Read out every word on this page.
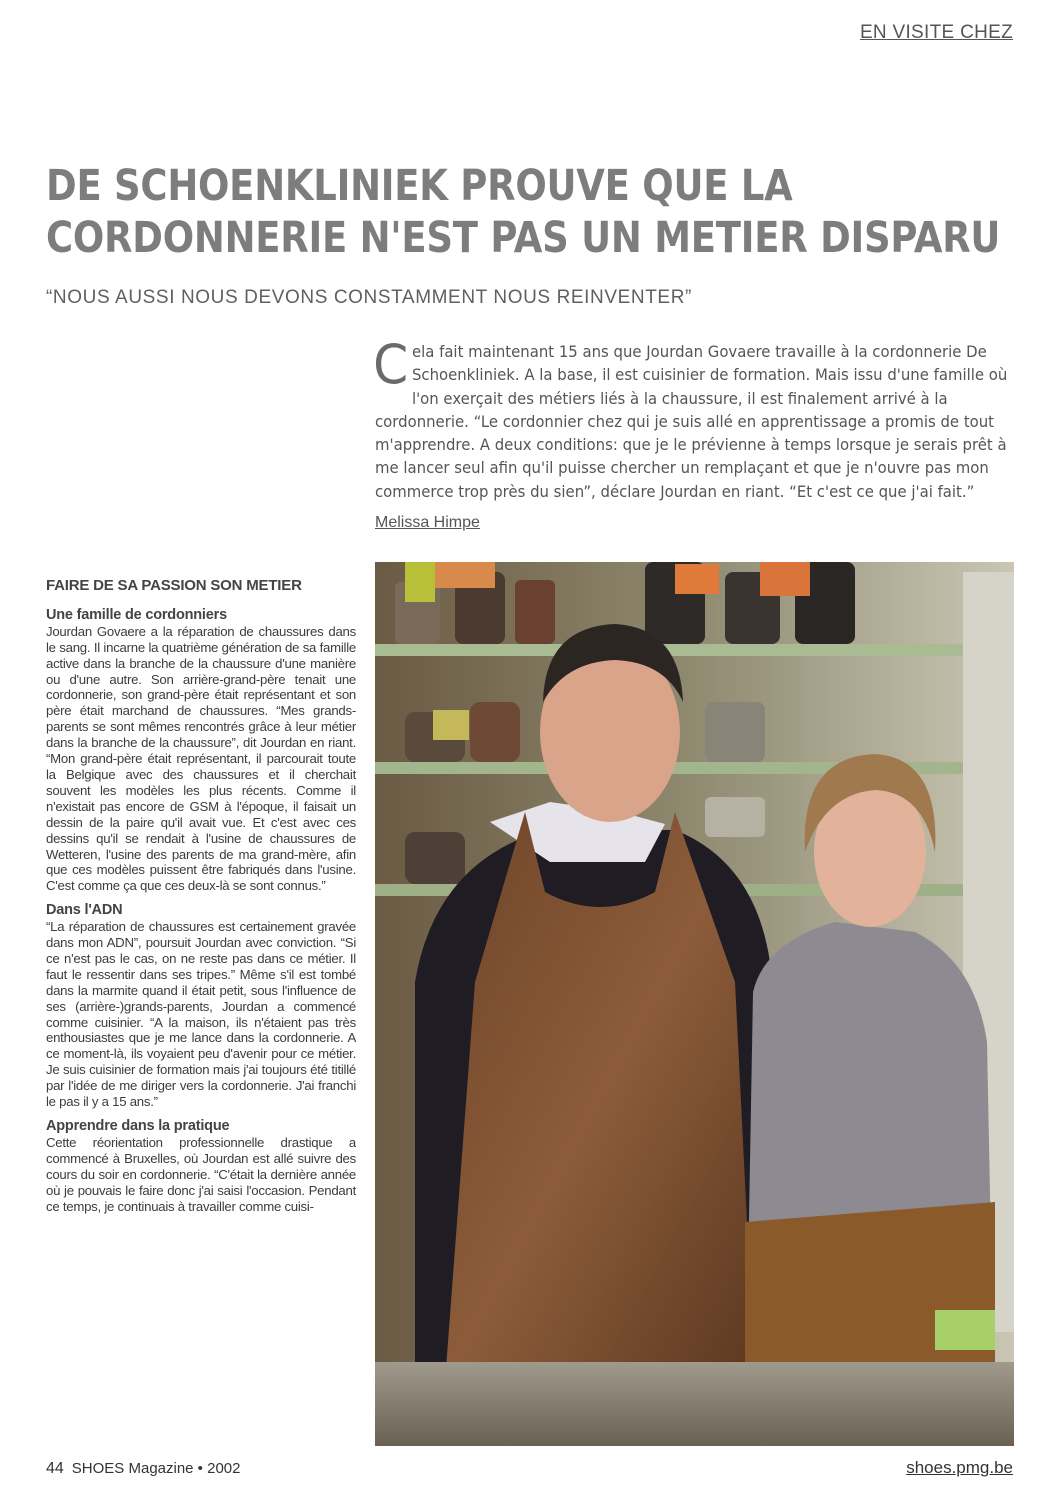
EN VISITE CHEZ

DE SCHOENKLINIEK PROUVE QUE LA
CORDONNERIE N'EST PAS UN METIER DISPARU

“NOUS AUSSI NOUS DEVONS CONSTAMMENT NOUS REINVENTER”

Cela fait maintenant 15 ans que Jourdan Govaere travaille à la cordonnerie De Schoenkliniek. A la base, il est cuisinier de formation. Mais issu d'une famille où l'on exerçait des métiers liés à la chaussure, il est finalement arrivé à la cordonnerie. “Le cordonnier chez qui je suis allé en apprentissage a promis de tout m'apprendre. A deux conditions: que je le prévienne à temps lorsque je serais prêt à me lancer seul afin qu'il puisse chercher un remplaçant et que je n'ouvre pas mon commerce trop près du sien”, déclare Jourdan en riant. “Et c'est ce que j'ai fait.”

Melissa Himpe

FAIRE DE SA PASSION SON METIER
Une famille de cordonniers

Jourdan Govaere a la réparation de chaussures dans le sang. Il incarne la quatrième génération de sa famille active dans la branche de la chaussure d'une manière ou d'une autre. Son arrière-grand-père tenait une cordonnerie, son grand-père était représentant et son père était marchand de chaussures. “Mes grands-parents se sont mêmes rencontrés grâce à leur métier dans la branche de la chaussure”, dit Jourdan en riant. “Mon grand-père était représentant, il parcourait toute la Belgique avec des chaussures et il cherchait souvent les modèles les plus récents. Comme il n'existait pas encore de GSM à l'époque, il faisait un dessin de la paire qu'il avait vue. Et c'est avec ces dessins qu'il se rendait à l'usine de chaussures de Wetteren, l'usine des parents de ma grand-mère, afin que ces modèles puissent être fabriqués dans l'usine. C'est comme ça que ces deux-là se sont connus.”

Dans l'ADN

“La réparation de chaussures est certainement gravée dans mon ADN”, poursuit Jourdan avec conviction. “Si ce n'est pas le cas, on ne reste pas dans ce métier. Il faut le ressentir dans ses tripes.” Même s'il est tombé dans la marmite quand il était petit, sous l'influence de ses (arrière-)grands-parents, Jourdan a commencé comme cuisinier. “A la maison, ils n'étaient pas très enthousiastes que je me lance dans la cordonnerie. A ce moment-là, ils voyaient peu d'avenir pour ce métier. Je suis cuisinier de formation mais j'ai toujours été titillé par l'idée de me diriger vers la cordonnerie. J'ai franchi le pas il y a 15 ans.”

Apprendre dans la pratique

Cette réorientation professionnelle drastique a commencé à Bruxelles, où Jourdan est allé suivre des cours du soir en cordonnerie. “C'était la dernière année où je pouvais le faire donc j'ai saisi l'occasion. Pendant ce temps, je continuais à travailler comme cuisi-

44 SHOES Magazine • 2002	shoes.pmg.be
